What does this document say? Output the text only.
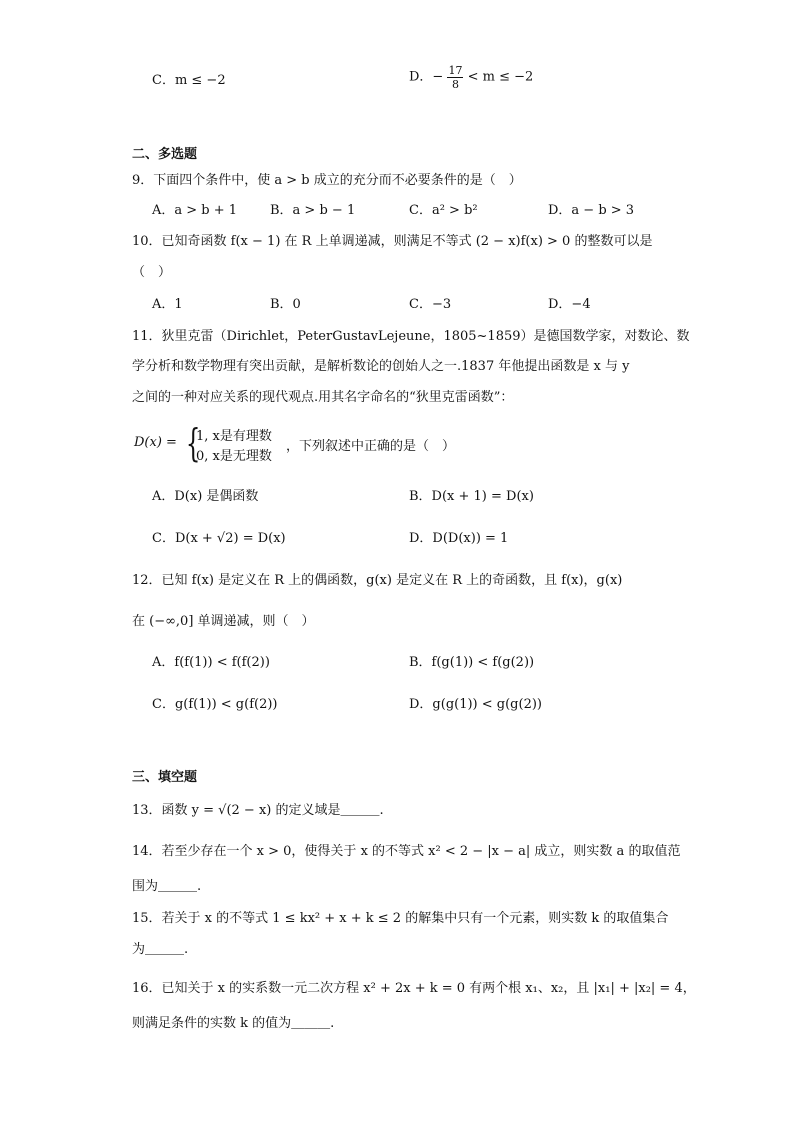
C．m ≤ −2	D．− $\frac{17}{8} < m \le -2$
二、多选题
9．下面四个条件中，使 a > b 成立的充分而不必要条件的是（　）
A．a > b + 1	B．a > b − 1	C．a² > b²	D．a − b > 3
10．已知奇函数 f(x − 1) 在 R 上单调递减，则满足不等式 (2 − x)f(x) > 0 的整数可以是
（　）
A．1	B．0	C．−3	D．−4
11．狄里克雷（Dirichlet，PeterGustavLejeune，1805~1859）是德国数学家，对数论、数
学分析和数学物理有突出贡献，是解析数论的创始人之一.1837 年他提出函数是 x 与 y
之间的一种对应关系的现代观点.用其名字命名的“狄里克雷函数”：
D(x) = {
1, x是有理数
0, x是无理数
，下列叙述中正确的是（　）
A．D(x) 是偶函数	B．D(x + 1) = D(x)
C．D(x + √2) = D(x)	D．D(D(x)) = 1
12．已知 f(x) 是定义在 R 上的偶函数，g(x) 是定义在 R 上的奇函数，且 f(x)，g(x)
在 (−∞,0] 单调递减，则（　）
A．f(f(1)) < f(f(2))	B．f(g(1)) < f(g(2))
C．g(f(1)) < g(f(2))	D．g(g(1)) < g(g(2))
三、填空题
13．函数 y = √(2 − x) 的定义域是＿＿＿.
14．若至少存在一个 x > 0，使得关于 x 的不等式 x² < 2 − |x − a| 成立，则实数 a 的取值范
围为＿＿＿.
15．若关于 x 的不等式 1 ≤ kx² + x + k ≤ 2 的解集中只有一个元素，则实数 k 的取值集合
为＿＿＿.
16．已知关于 x 的实系数一元二次方程 x² + 2x + k = 0 有两个根 x₁、x₂，且 |x₁| + |x₂| = 4，
则满足条件的实数 k 的值为＿＿＿.
